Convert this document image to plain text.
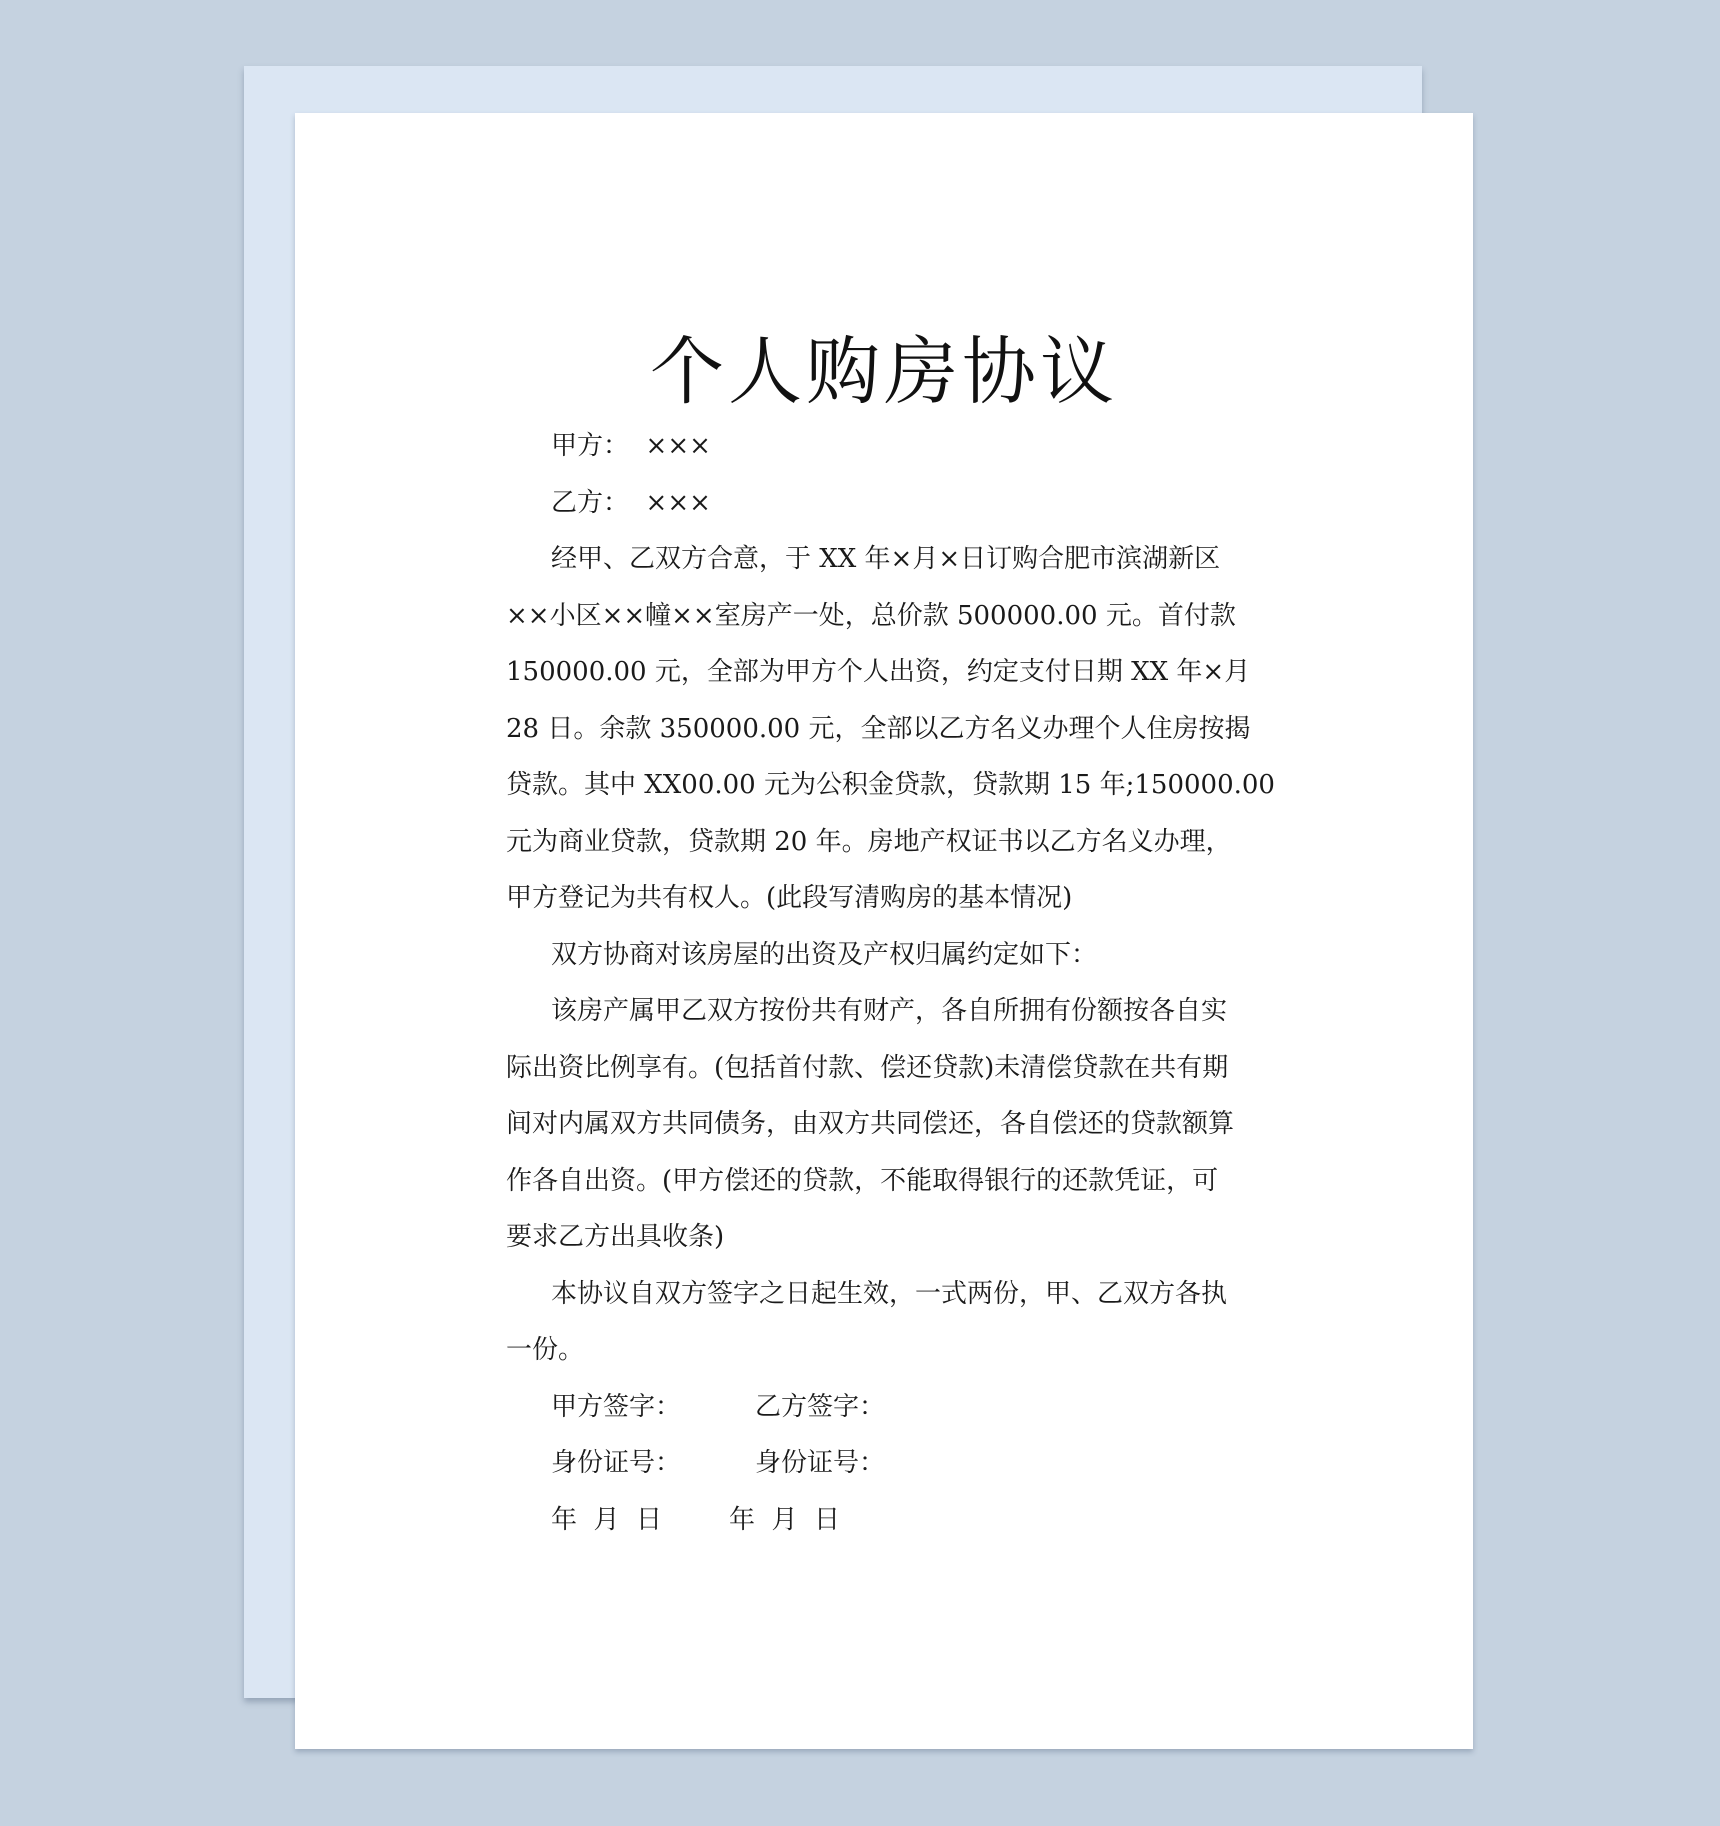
个人购房协议
甲方：  ×××
乙方：  ×××
经甲、乙双方合意，于 XX 年×月×日订购合肥市滨湖新区
××小区××幢××室房产一处，总价款 500000.00 元。首付款
150000.00 元，全部为甲方个人出资，约定支付日期 XX 年×月
28 日。余款 350000.00 元，全部以乙方名义办理个人住房按揭
贷款。其中 XX00.00 元为公积金贷款，贷款期 15 年;150000.00
元为商业贷款，贷款期 20 年。房地产权证书以乙方名义办理，
甲方登记为共有权人。(此段写清购房的基本情况)
双方协商对该房屋的出资及产权归属约定如下：
该房产属甲乙双方按份共有财产，各自所拥有份额按各自实
际出资比例享有。(包括首付款、偿还贷款)未清偿贷款在共有期
间对内属双方共同债务，由双方共同偿还，各自偿还的贷款额算
作各自出资。(甲方偿还的贷款，不能取得银行的还款凭证，可
要求乙方出具收条)
本协议自双方签字之日起生效，一式两份，甲、乙双方各执
一份。
甲方签字：	乙方签字：
身份证号：	身份证号：
年  月  日	年  月  日
